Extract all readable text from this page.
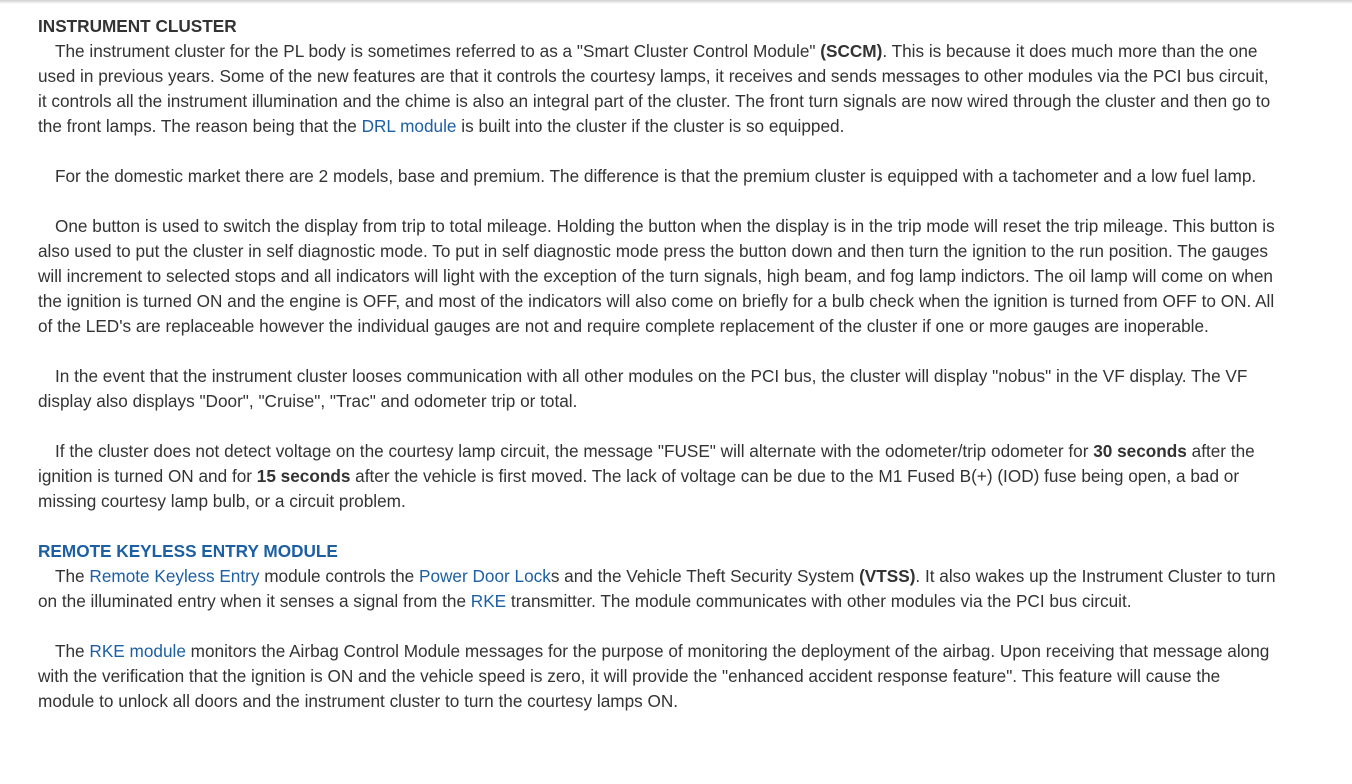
INSTRUMENT CLUSTER

The instrument cluster for the PL body is sometimes referred to as a "Smart Cluster Control Module" (SCCM). This is because it does much more than the one used in previous years. Some of the new features are that it controls the courtesy lamps, it receives and sends messages to other modules via the PCI bus circuit, it controls all the instrument illumination and the chime is also an integral part of the cluster. The front turn signals are now wired through the cluster and then go to the front lamps. The reason being that the DRL module is built into the cluster if the cluster is so equipped.

For the domestic market there are 2 models, base and premium. The difference is that the premium cluster is equipped with a tachometer and a low fuel lamp.

One button is used to switch the display from trip to total mileage. Holding the button when the display is in the trip mode will reset the trip mileage. This button is also used to put the cluster in self diagnostic mode. To put in self diagnostic mode press the button down and then turn the ignition to the run position. The gauges will increment to selected stops and all indicators will light with the exception of the turn signals, high beam, and fog lamp indictors. The oil lamp will come on when the ignition is turned ON and the engine is OFF, and most of the indicators will also come on briefly for a bulb check when the ignition is turned from OFF to ON. All of the LED's are replaceable however the individual gauges are not and require complete replacement of the cluster if one or more gauges are inoperable.

In the event that the instrument cluster looses communication with all other modules on the PCI bus, the cluster will display "nobus" in the VF display. The VF display also displays "Door", "Cruise", "Trac" and odometer trip or total.

If the cluster does not detect voltage on the courtesy lamp circuit, the message "FUSE" will alternate with the odometer/trip odometer for 30 seconds after the ignition is turned ON and for 15 seconds after the vehicle is first moved. The lack of voltage can be due to the M1 Fused B(+) (IOD) fuse being open, a bad or missing courtesy lamp bulb, or a circuit problem.

REMOTE KEYLESS ENTRY MODULE

The Remote Keyless Entry module controls the Power Door Locks and the Vehicle Theft Security System (VTSS). It also wakes up the Instrument Cluster to turn on the illuminated entry when it senses a signal from the RKE transmitter. The module communicates with other modules via the PCI bus circuit.

The RKE module monitors the Airbag Control Module messages for the purpose of monitoring the deployment of the airbag. Upon receiving that message along with the verification that the ignition is ON and the vehicle speed is zero, it will provide the "enhanced accident response feature". This feature will cause the module to unlock all doors and the instrument cluster to turn the courtesy lamps ON.
